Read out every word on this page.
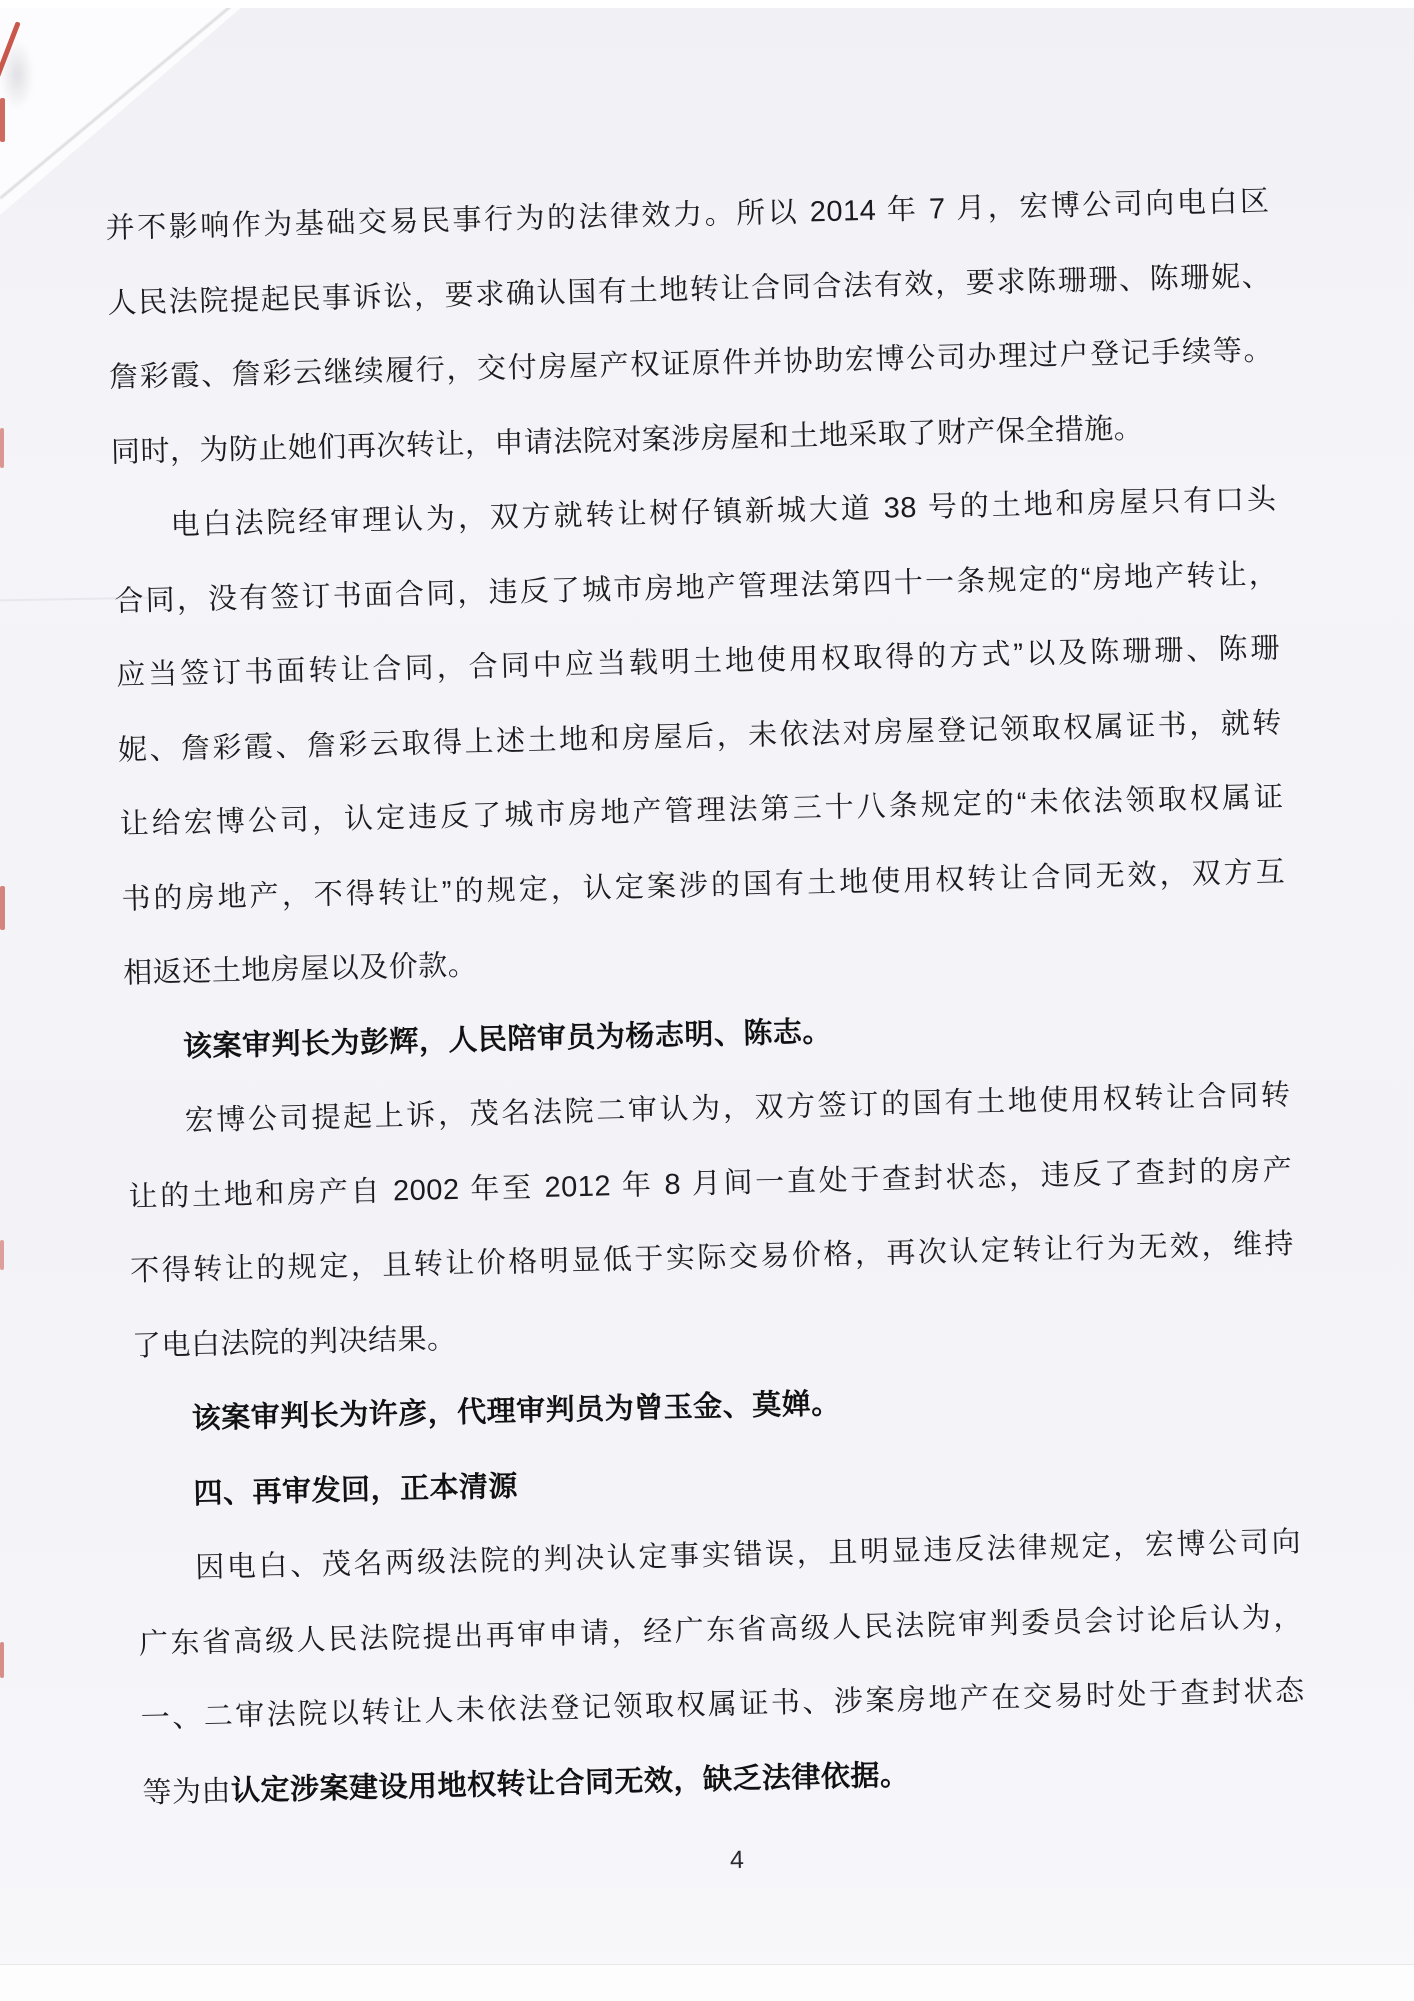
并不影响作为基础交易民事行为的法律效力。所以 2014 年 7 月，宏博公司向电白区
人民法院提起民事诉讼，要求确认国有土地转让合同合法有效，要求陈珊珊、陈珊妮、
詹彩霞、詹彩云继续履行，交付房屋产权证原件并协助宏博公司办理过户登记手续等。
同时，为防止她们再次转让，申请法院对案涉房屋和土地采取了财产保全措施。
电白法院经审理认为，双方就转让树仔镇新城大道 38 号的土地和房屋只有口头
合同，没有签订书面合同，违反了城市房地产管理法第四十一条规定的“房地产转让，
应当签订书面转让合同，合同中应当载明土地使用权取得的方式”以及陈珊珊、陈珊
妮、詹彩霞、詹彩云取得上述土地和房屋后，未依法对房屋登记领取权属证书，就转
让给宏博公司，认定违反了城市房地产管理法第三十八条规定的“未依法领取权属证
书的房地产，不得转让”的规定，认定案涉的国有土地使用权转让合同无效，双方互
相返还土地房屋以及价款。
该案审判长为彭辉，人民陪审员为杨志明、陈志。
宏博公司提起上诉，茂名法院二审认为，双方签订的国有土地使用权转让合同转
让的土地和房产自 2002 年至 2012 年 8 月间一直处于查封状态，违反了查封的房产
不得转让的规定，且转让价格明显低于实际交易价格，再次认定转让行为无效，维持
了电白法院的判决结果。
该案审判长为许彦，代理审判员为曾玉金、莫婵。
四、再审发回，正本清源
因电白、茂名两级法院的判决认定事实错误，且明显违反法律规定，宏博公司向
广东省高级人民法院提出再审申请，经广东省高级人民法院审判委员会讨论后认为，
一、二审法院以转让人未依法登记领取权属证书、涉案房地产在交易时处于查封状态
等为由认定涉案建设用地权转让合同无效，缺乏法律依据。
4
